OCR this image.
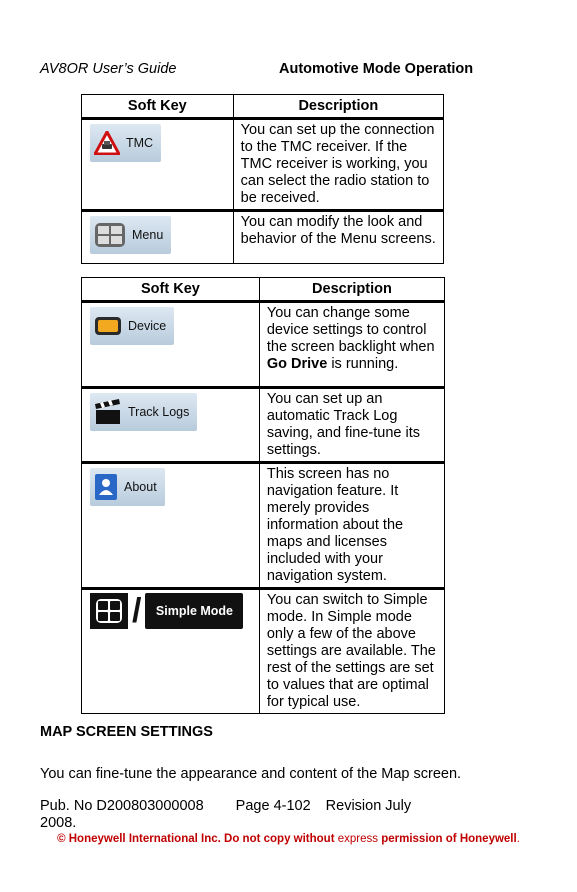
AV8OR User’s Guide	Automotive Mode Operation
Soft Key	Description

TMC	You can set up the connection to the TMC receiver. If the TMC receiver is working, you can select the radio station to be received.

Menu	You can modify the look and behavior of the Menu screens.
Soft Key	Description

Device	You can change some device settings to control the screen backlight when Go Drive is running.

Track Logs	You can set up an automatic Track Log saving, and fine-tune its settings.

About	This screen has no navigation feature. It merely provides information about the maps and licenses included with your navigation system.

/ Simple Mode	You can switch to Simple mode. In Simple mode only a few of the above settings are available. The rest of the settings are set to values that are optimal for typical use.
MAP SCREEN SETTINGS
You can fine-tune the appearance and content of the Map screen.
Pub. No D200803000008 Page 4-102 Revision July 2008.
© Honeywell International Inc. Do not copy without express permission of Honeywell.
